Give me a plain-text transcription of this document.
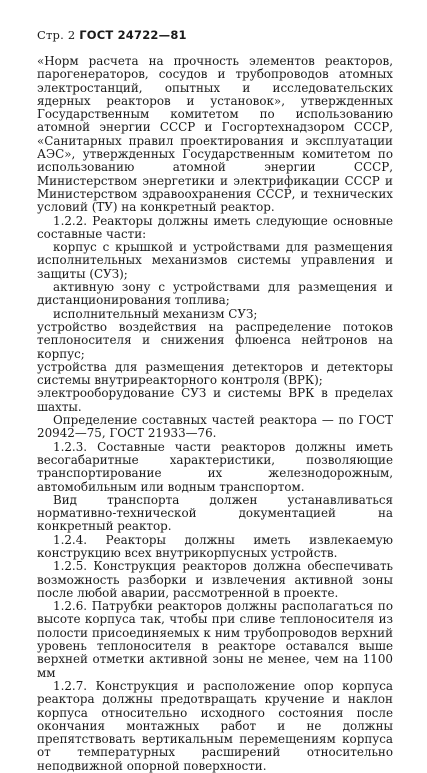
Стр. 2 ГОСТ 24722—81

«Норм расчета на прочность элементов реакторов, парогенераторов, сосудов и трубопроводов атомных электростанций, опытных и исследовательских ядерных реакторов и установок», утвержденных Государственным комитетом по использованию атомной энергии СССР и Госгортехнадзором СССР, «Санитарных правил проектирования и эксплуатации АЭС», утвержденных Государственным комитетом по использованию атомной энергии СССР, Министерством энергетики и электрификации СССР и Министерством здравоохранения СССР, и технических условий (ТУ) на конкретный реактор.

1.2.2. Реакторы должны иметь следующие основные составные части:

корпус с крышкой и устройствами для размещения исполнительных механизмов системы управления и защиты (СУЗ);

активную зону с устройствами для размещения и дистанционирования топлива;

исполнительный механизм СУЗ;

устройство воздействия на распределение потоков теплоносителя и снижения флюенса нейтронов на корпус;

устройства для размещения детекторов и детекторы системы внутриреакторного контроля (ВРК);

электрооборудование СУЗ и системы ВРК в пределах шахты.

Определение составных частей реактора — по ГОСТ 20942—75, ГОСТ 21933—76.

1.2.3. Составные части реакторов должны иметь весогабаритные характеристики, позволяющие транспортирование их железнодорожным, автомобильным или водным транспортом.

Вид транспорта должен устанавливаться нормативно-технической документацией на конкретный реактор.

1.2.4. Реакторы должны иметь извлекаемую конструкцию всех внутрикорпусных устройств.

1.2.5. Конструкция реакторов должна обеспечивать возможность разборки и извлечения активной зоны после любой аварии, рассмотренной в проекте.

1.2.6. Патрубки реакторов должны располагаться по высоте корпуса так, чтобы при сливе теплоносителя из полости присоединяемых к ним трубопроводов верхний уровень теплоносителя в реакторе оставался выше верхней отметки активной зоны не менее, чем на 1100 мм

1.2.7. Конструкция и расположение опор корпуса реактора должны предотвращать кручение и наклон корпуса относительно исходного состояния после окончания монтажных работ и не должны препятствовать вертикальным перемещениям корпуса от температурных расширений относительно неподвижной опорной поверхности.
